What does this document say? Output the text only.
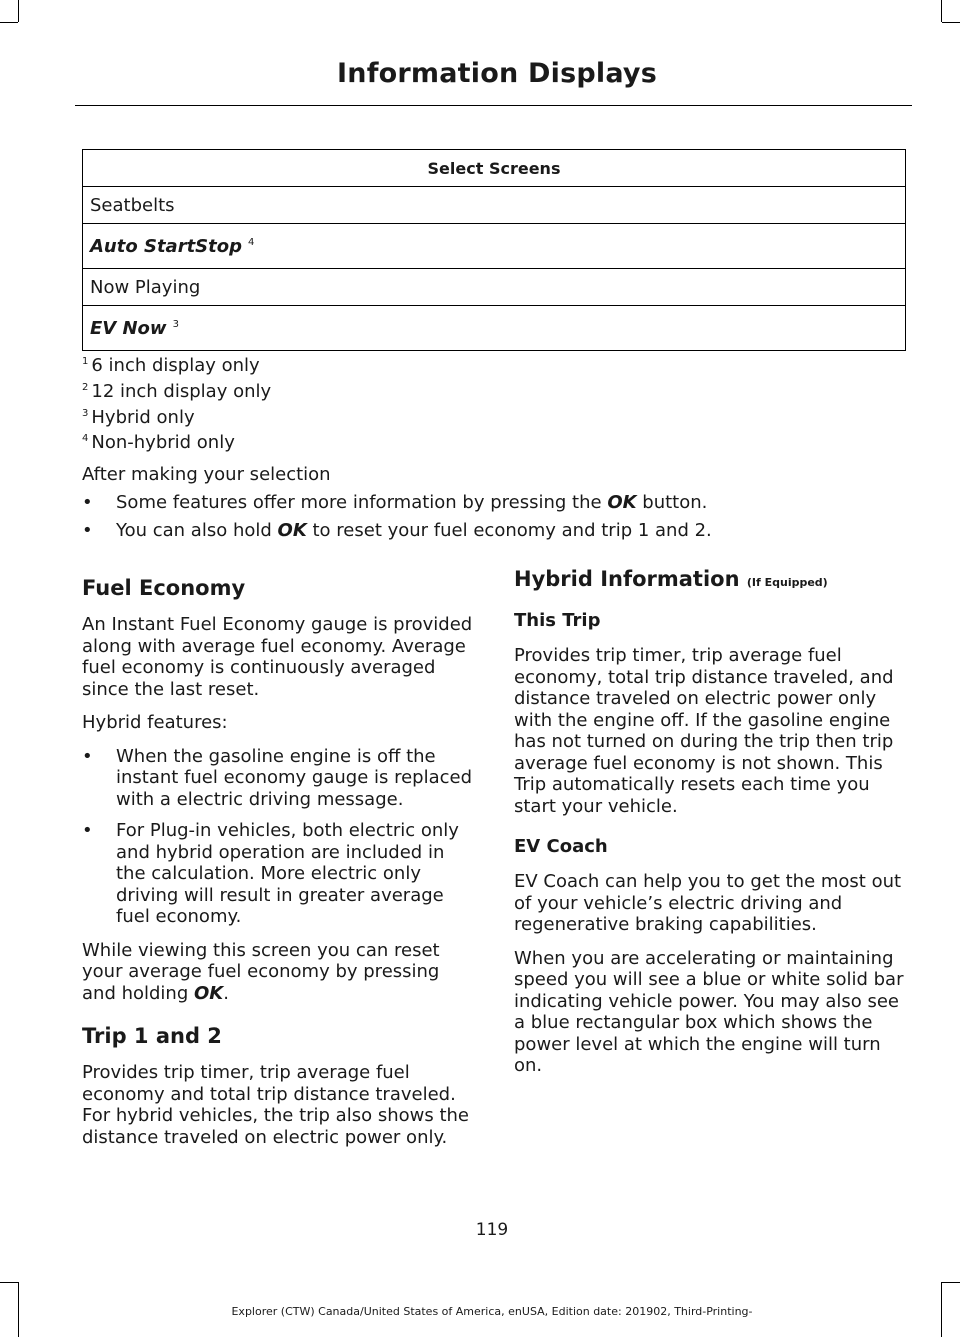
Information Displays
Select Screens
Seatbelts
Auto StartStop $^4$
Now Playing
EV Now $^3$
$^1$ 6 inch display only
$^2$ 12 inch display only
$^3$ Hybrid only
$^4$ Non-hybrid only
After making your selection
• Some features offer more information by pressing the OK button.
• You can also hold OK to reset your fuel economy and trip 1 and 2.
Fuel Economy

An Instant Fuel Economy gauge is provided along with average fuel economy. Average fuel economy is continuously averaged since the last reset.

Hybrid features:

• When the gasoline engine is off the instant fuel economy gauge is replaced with a electric driving message.
• For Plug-in vehicles, both electric only and hybrid operation are included in the calculation. More electric only driving will result in greater average fuel economy.

While viewing this screen you can reset your average fuel economy by pressing and holding OK.

Trip 1 and 2

Provides trip timer, trip average fuel economy and total trip distance traveled. For hybrid vehicles, the trip also shows the distance traveled on electric power only.

Hybrid Information (If Equipped)
This Trip

Provides trip timer, trip average fuel economy, total trip distance traveled, and distance traveled on electric power only with the engine off. If the gasoline engine has not turned on during the trip then trip average fuel economy is not shown. This Trip automatically resets each time you start your vehicle.

EV Coach

EV Coach can help you to get the most out of your vehicle’s electric driving and regenerative braking capabilities.

When you are accelerating or maintaining speed you will see a blue or white solid bar indicating vehicle power. You may also see a blue rectangular box which shows the power level at which the engine will turn on.

119
Explorer (CTW) Canada/United States of America, enUSA, Edition date: 201902, Third-Printing-
